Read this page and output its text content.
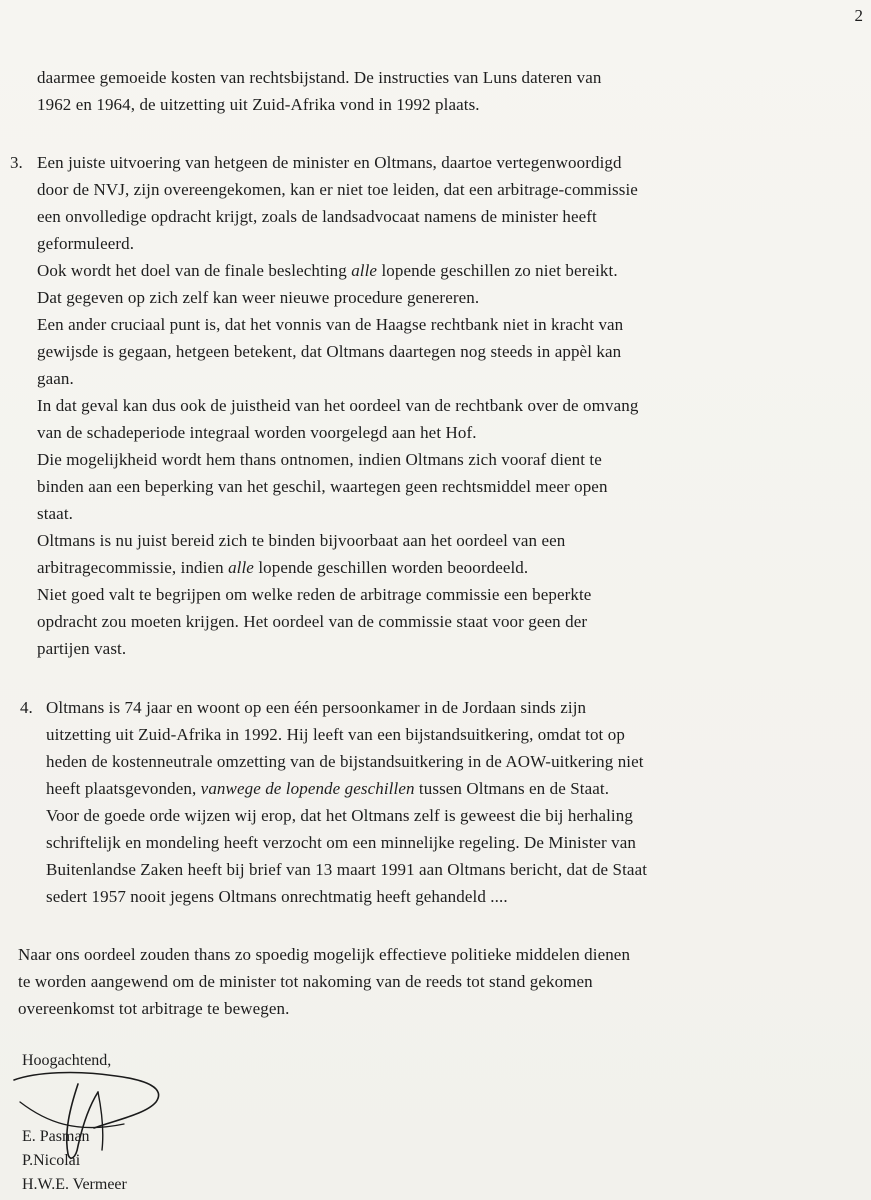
2
daarmee gemoeide kosten van rechtsbijstand. De instructies van Luns dateren van
1962 en 1964, de uitzetting uit Zuid-Afrika vond in 1992 plaats.
3. Een juiste uitvoering van hetgeen de minister en Oltmans, daartoe vertegenwoordigd
door de NVJ, zijn overeengekomen, kan er niet toe leiden, dat een arbitrage-commissie
een onvolledige opdracht krijgt, zoals de landsadvocaat namens de minister heeft
geformuleerd.
Ook wordt het doel van de finale beslechting alle lopende geschillen zo niet bereikt.
Dat gegeven op zich zelf kan weer nieuwe procedure genereren.
Een ander cruciaal punt is, dat het vonnis van de Haagse rechtbank niet in kracht van
gewijsde is gegaan, hetgeen betekent, dat Oltmans daartegen nog steeds in appèl kan
gaan.
In dat geval kan dus ook de juistheid van het oordeel van de rechtbank over de omvang
van de schadeperiode integraal worden voorgelegd aan het Hof.
Die mogelijkheid wordt hem thans ontnomen, indien Oltmans zich vooraf dient te
binden aan een beperking van het geschil, waartegen geen rechtsmiddel meer open
staat.
Oltmans is nu juist bereid zich te binden bijvoorbaat aan het oordeel van een
arbitragecommissie, indien alle lopende geschillen worden beoordeeld.
Niet goed valt te begrijpen om welke reden de arbitrage commissie een beperkte
opdracht zou moeten krijgen. Het oordeel van de commissie staat voor geen der
partijen vast.
4. Oltmans is 74 jaar en woont op een één persoonkamer in de Jordaan sinds zijn
uitzetting uit Zuid-Afrika in 1992. Hij leeft van een bijstandsuitkering, omdat tot op
heden de kostenneutrale omzetting van de bijstandsuitkering in de AOW-uitkering niet
heeft plaatsgevonden, vanwege de lopende geschillen tussen Oltmans en de Staat.
Voor de goede orde wijzen wij erop, dat het Oltmans zelf is geweest die bij herhaling
schriftelijk en mondeling heeft verzocht om een minnelijke regeling. De Minister van
Buitenlandse Zaken heeft bij brief van 13 maart 1991 aan Oltmans bericht, dat de Staat
sedert 1957 nooit jegens Oltmans onrechtmatig heeft gehandeld ....
Naar ons oordeel zouden thans zo spoedig mogelijk effectieve politieke middelen dienen
te worden aangewend om de minister tot nakoming van de reeds tot stand gekomen
overeenkomst tot arbitrage te bewegen.
Hoogachtend,
E. Pasman
P.Nicolai
H.W.E. Vermeer
